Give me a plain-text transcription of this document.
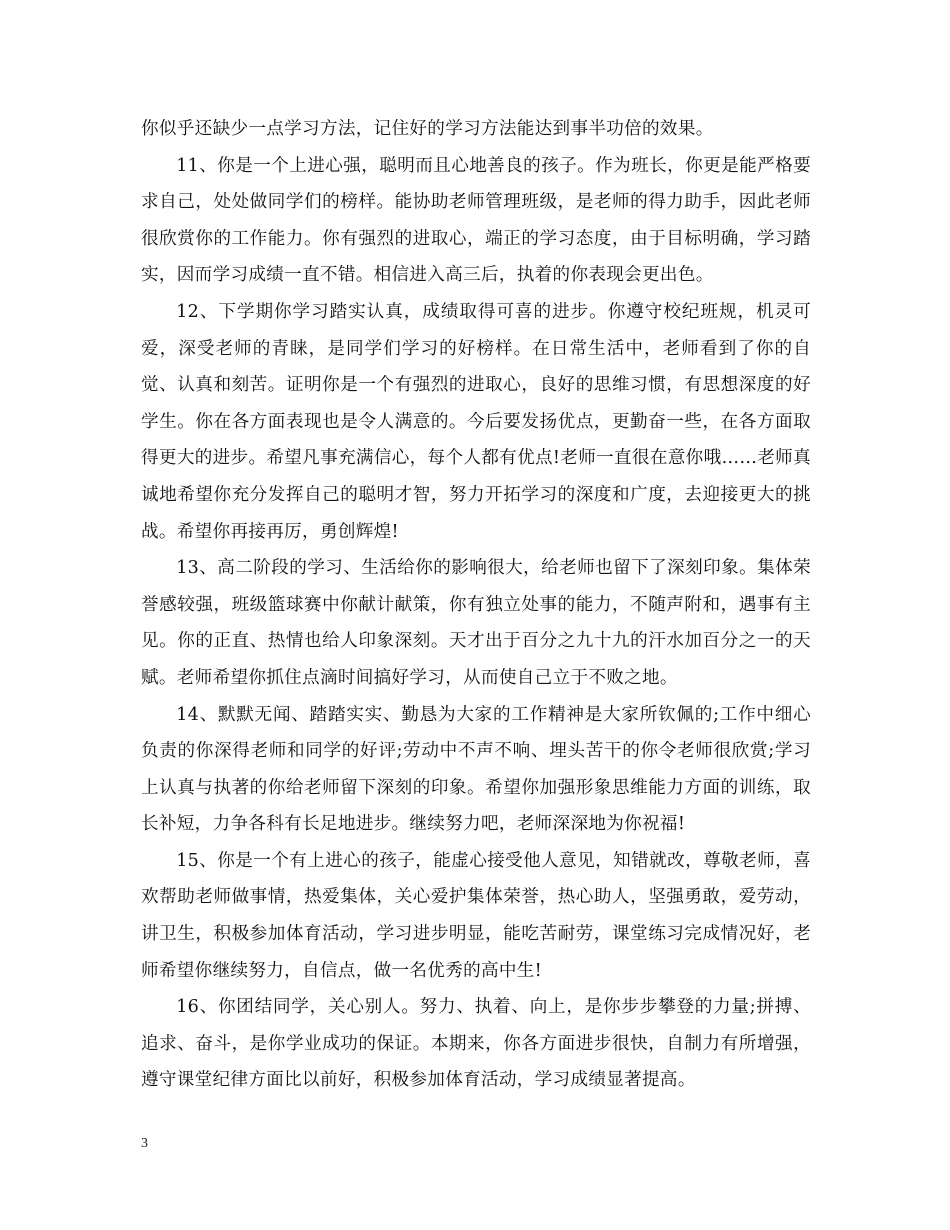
你似乎还缺少一点学习方法，记住好的学习方法能达到事半功倍的效果。

11、你是一个上进心强，聪明而且心地善良的孩子。作为班长，你更是能严格要求自己，处处做同学们的榜样。能协助老师管理班级，是老师的得力助手，因此老师很欣赏你的工作能力。你有强烈的进取心，端正的学习态度，由于目标明确，学习踏实，因而学习成绩一直不错。相信进入高三后，执着的你表现会更出色。

12、下学期你学习踏实认真，成绩取得可喜的进步。你遵守校纪班规，机灵可爱，深受老师的青睐，是同学们学习的好榜样。在日常生活中，老师看到了你的自觉、认真和刻苦。证明你是一个有强烈的进取心，良好的思维习惯，有思想深度的好学生。你在各方面表现也是令人满意的。今后要发扬优点，更勤奋一些，在各方面取得更大的进步。希望凡事充满信心，每个人都有优点!老师一直很在意你哦……老师真诚地希望你充分发挥自己的聪明才智，努力开拓学习的深度和广度，去迎接更大的挑战。希望你再接再厉，勇创辉煌!

13、高二阶段的学习、生活给你的影响很大，给老师也留下了深刻印象。集体荣誉感较强，班级篮球赛中你献计献策，你有独立处事的能力，不随声附和，遇事有主见。你的正直、热情也给人印象深刻。天才出于百分之九十九的汗水加百分之一的天赋。老师希望你抓住点滴时间搞好学习，从而使自己立于不败之地。

14、默默无闻、踏踏实实、勤恳为大家的工作精神是大家所钦佩的;工作中细心负责的你深得老师和同学的好评;劳动中不声不响、埋头苦干的你令老师很欣赏;学习上认真与执著的你给老师留下深刻的印象。希望你加强形象思维能力方面的训练，取长补短，力争各科有长足地进步。继续努力吧，老师深深地为你祝福!

15、你是一个有上进心的孩子，能虚心接受他人意见，知错就改，尊敬老师，喜欢帮助老师做事情，热爱集体，关心爱护集体荣誉，热心助人，坚强勇敢，爱劳动，讲卫生，积极参加体育活动，学习进步明显，能吃苦耐劳，课堂练习完成情况好，老师希望你继续努力，自信点，做一名优秀的高中生!

16、你团结同学，关心别人。努力、执着、向上，是你步步攀登的力量;拼搏、追求、奋斗，是你学业成功的保证。本期来，你各方面进步很快，自制力有所增强，遵守课堂纪律方面比以前好，积极参加体育活动，学习成绩显著提高。

3
